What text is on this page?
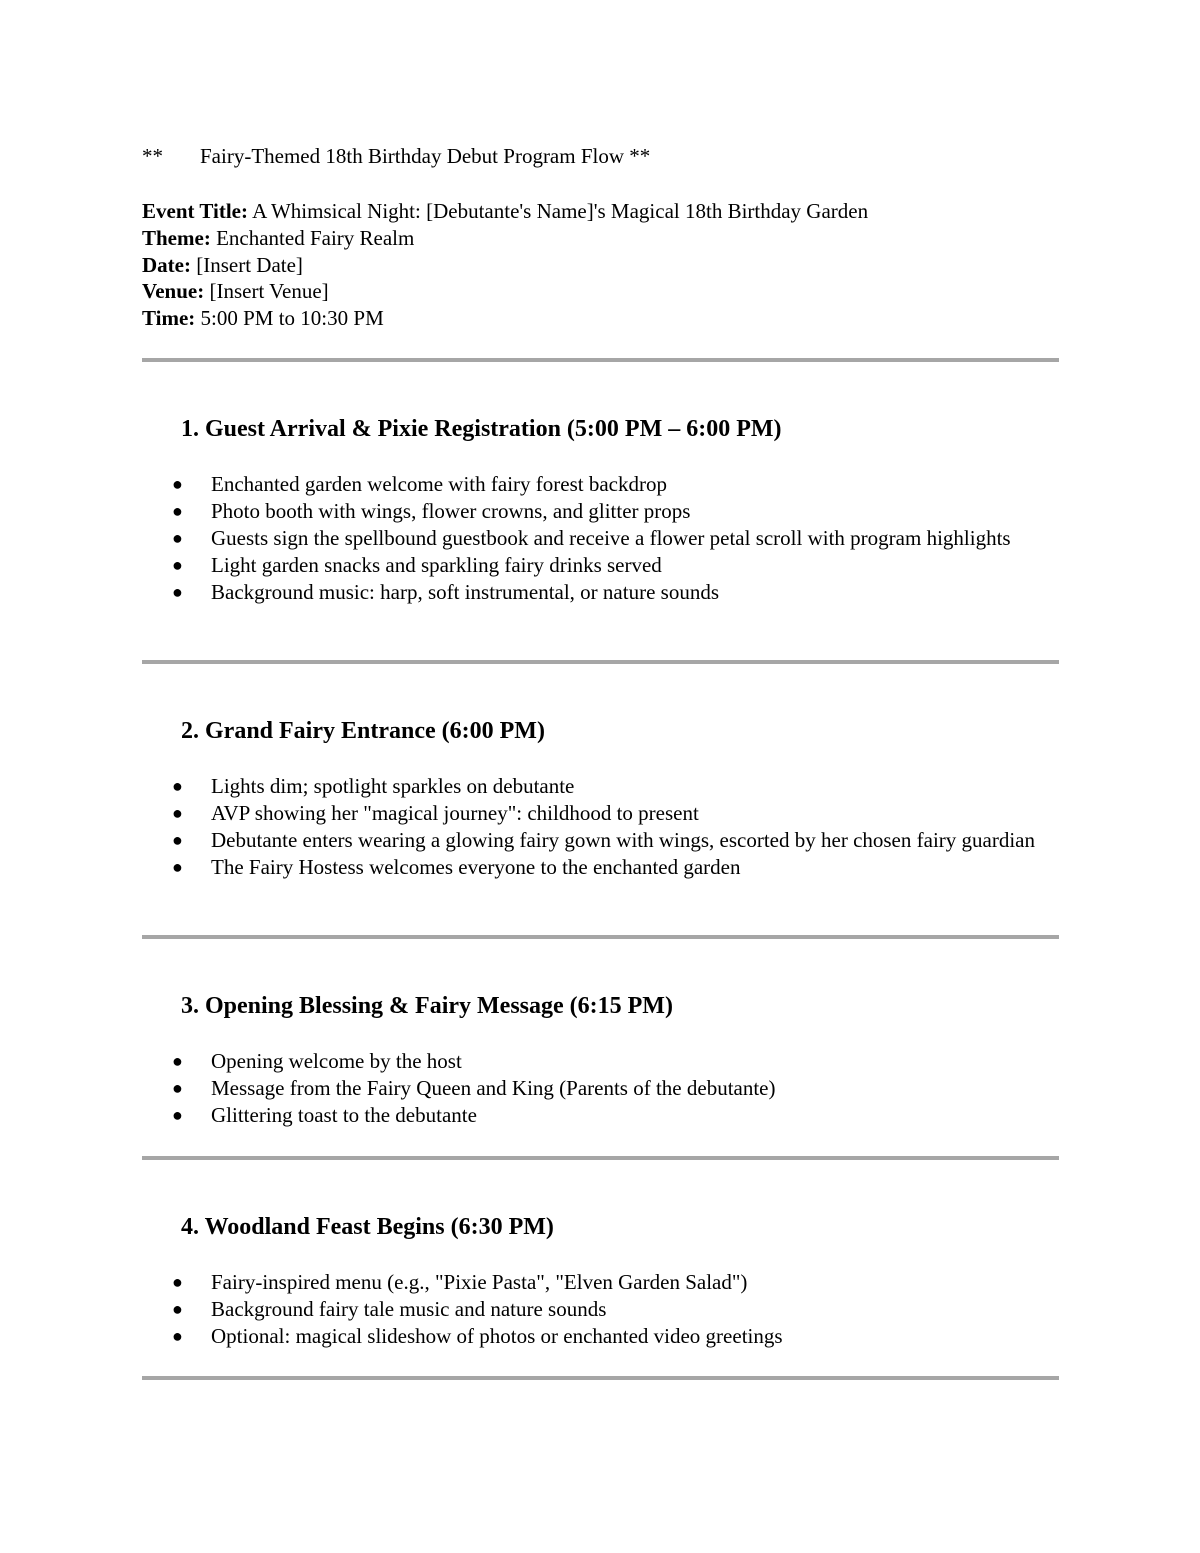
** Fairy-Themed 18th Birthday Debut Program Flow **
Event Title: A Whimsical Night: [Debutante's Name]'s Magical 18th Birthday Garden
Theme: Enchanted Fairy Realm
Date: [Insert Date]
Venue: [Insert Venue]
Time: 5:00 PM to 10:30 PM
1. Guest Arrival & Pixie Registration (5:00 PM – 6:00 PM)
● Enchanted garden welcome with fairy forest backdrop
● Photo booth with wings, flower crowns, and glitter props
● Guests sign the spellbound guestbook and receive a flower petal scroll with program highlights
● Light garden snacks and sparkling fairy drinks served
● Background music: harp, soft instrumental, or nature sounds
2. Grand Fairy Entrance (6:00 PM)
● Lights dim; spotlight sparkles on debutante
● AVP showing her "magical journey": childhood to present
● Debutante enters wearing a glowing fairy gown with wings, escorted by her chosen fairy guardian
● The Fairy Hostess welcomes everyone to the enchanted garden
3. Opening Blessing & Fairy Message (6:15 PM)
● Opening welcome by the host
● Message from the Fairy Queen and King (Parents of the debutante)
● Glittering toast to the debutante
4. Woodland Feast Begins (6:30 PM)
● Fairy-inspired menu (e.g., "Pixie Pasta", "Elven Garden Salad")
● Background fairy tale music and nature sounds
● Optional: magical slideshow of photos or enchanted video greetings
